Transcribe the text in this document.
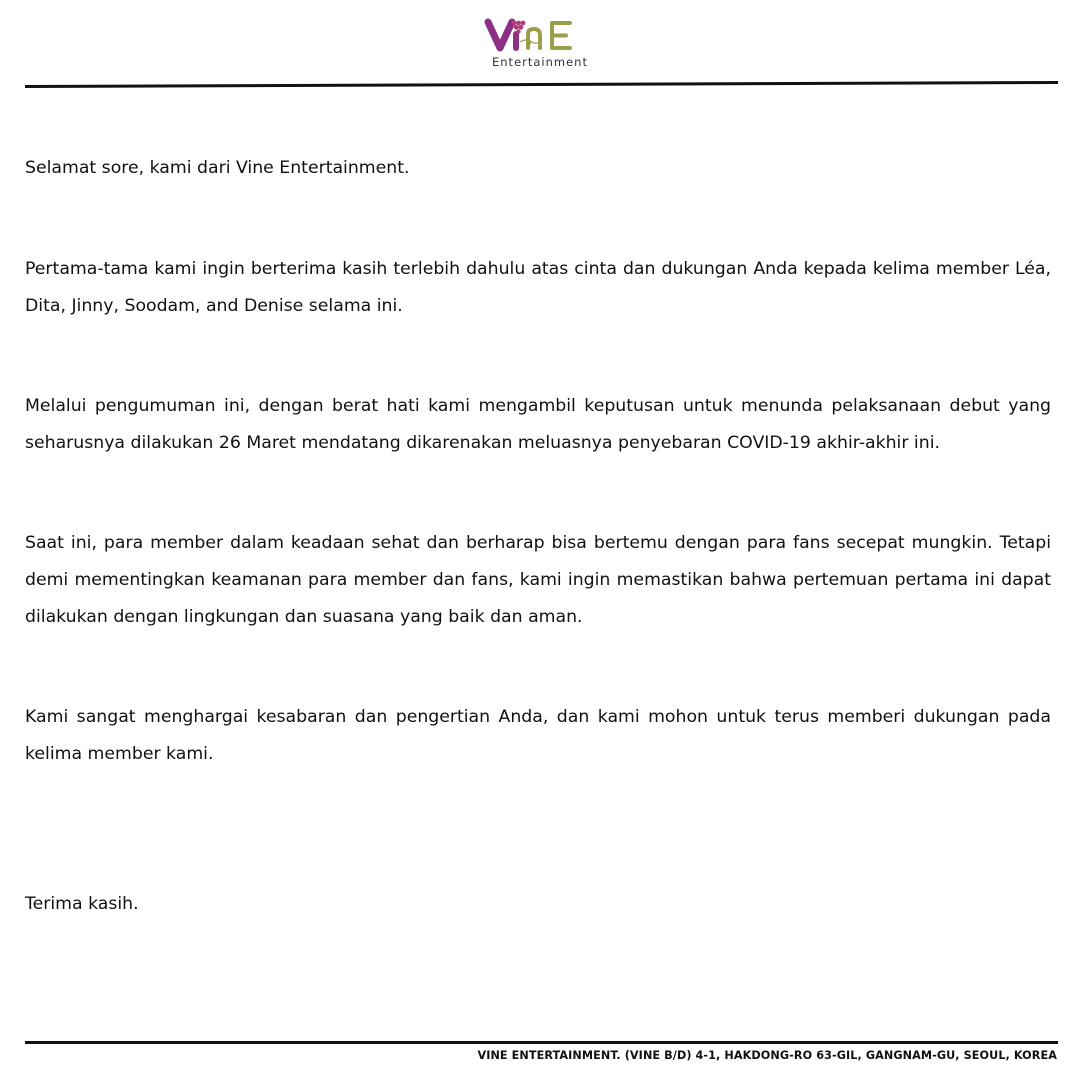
Entertainment

Selamat sore, kami dari Vine Entertainment.

Pertama-tama kami ingin berterima kasih terlebih dahulu atas cinta dan dukungan Anda kepada kelima member Léa, Dita, Jinny, Soodam, and Denise selama ini.

Melalui pengumuman ini, dengan berat hati kami mengambil keputusan untuk menunda pelaksanaan debut yang seharusnya dilakukan 26 Maret mendatang dikarenakan meluasnya penyebaran COVID-19 akhir-akhir ini.

Saat ini, para member dalam keadaan sehat dan berharap bisa bertemu dengan para fans secepat mungkin. Tetapi demi mementingkan keamanan para member dan fans, kami ingin memastikan bahwa pertemuan pertama ini dapat dilakukan dengan lingkungan dan suasana yang baik dan aman.

Kami sangat menghargai kesabaran dan pengertian Anda, dan kami mohon untuk terus memberi dukungan pada kelima member kami.

Terima kasih.

VINE ENTERTAINMENT. (VINE B/D) 4-1, HAKDONG-RO 63-GIL, GANGNAM-GU, SEOUL, KOREA
